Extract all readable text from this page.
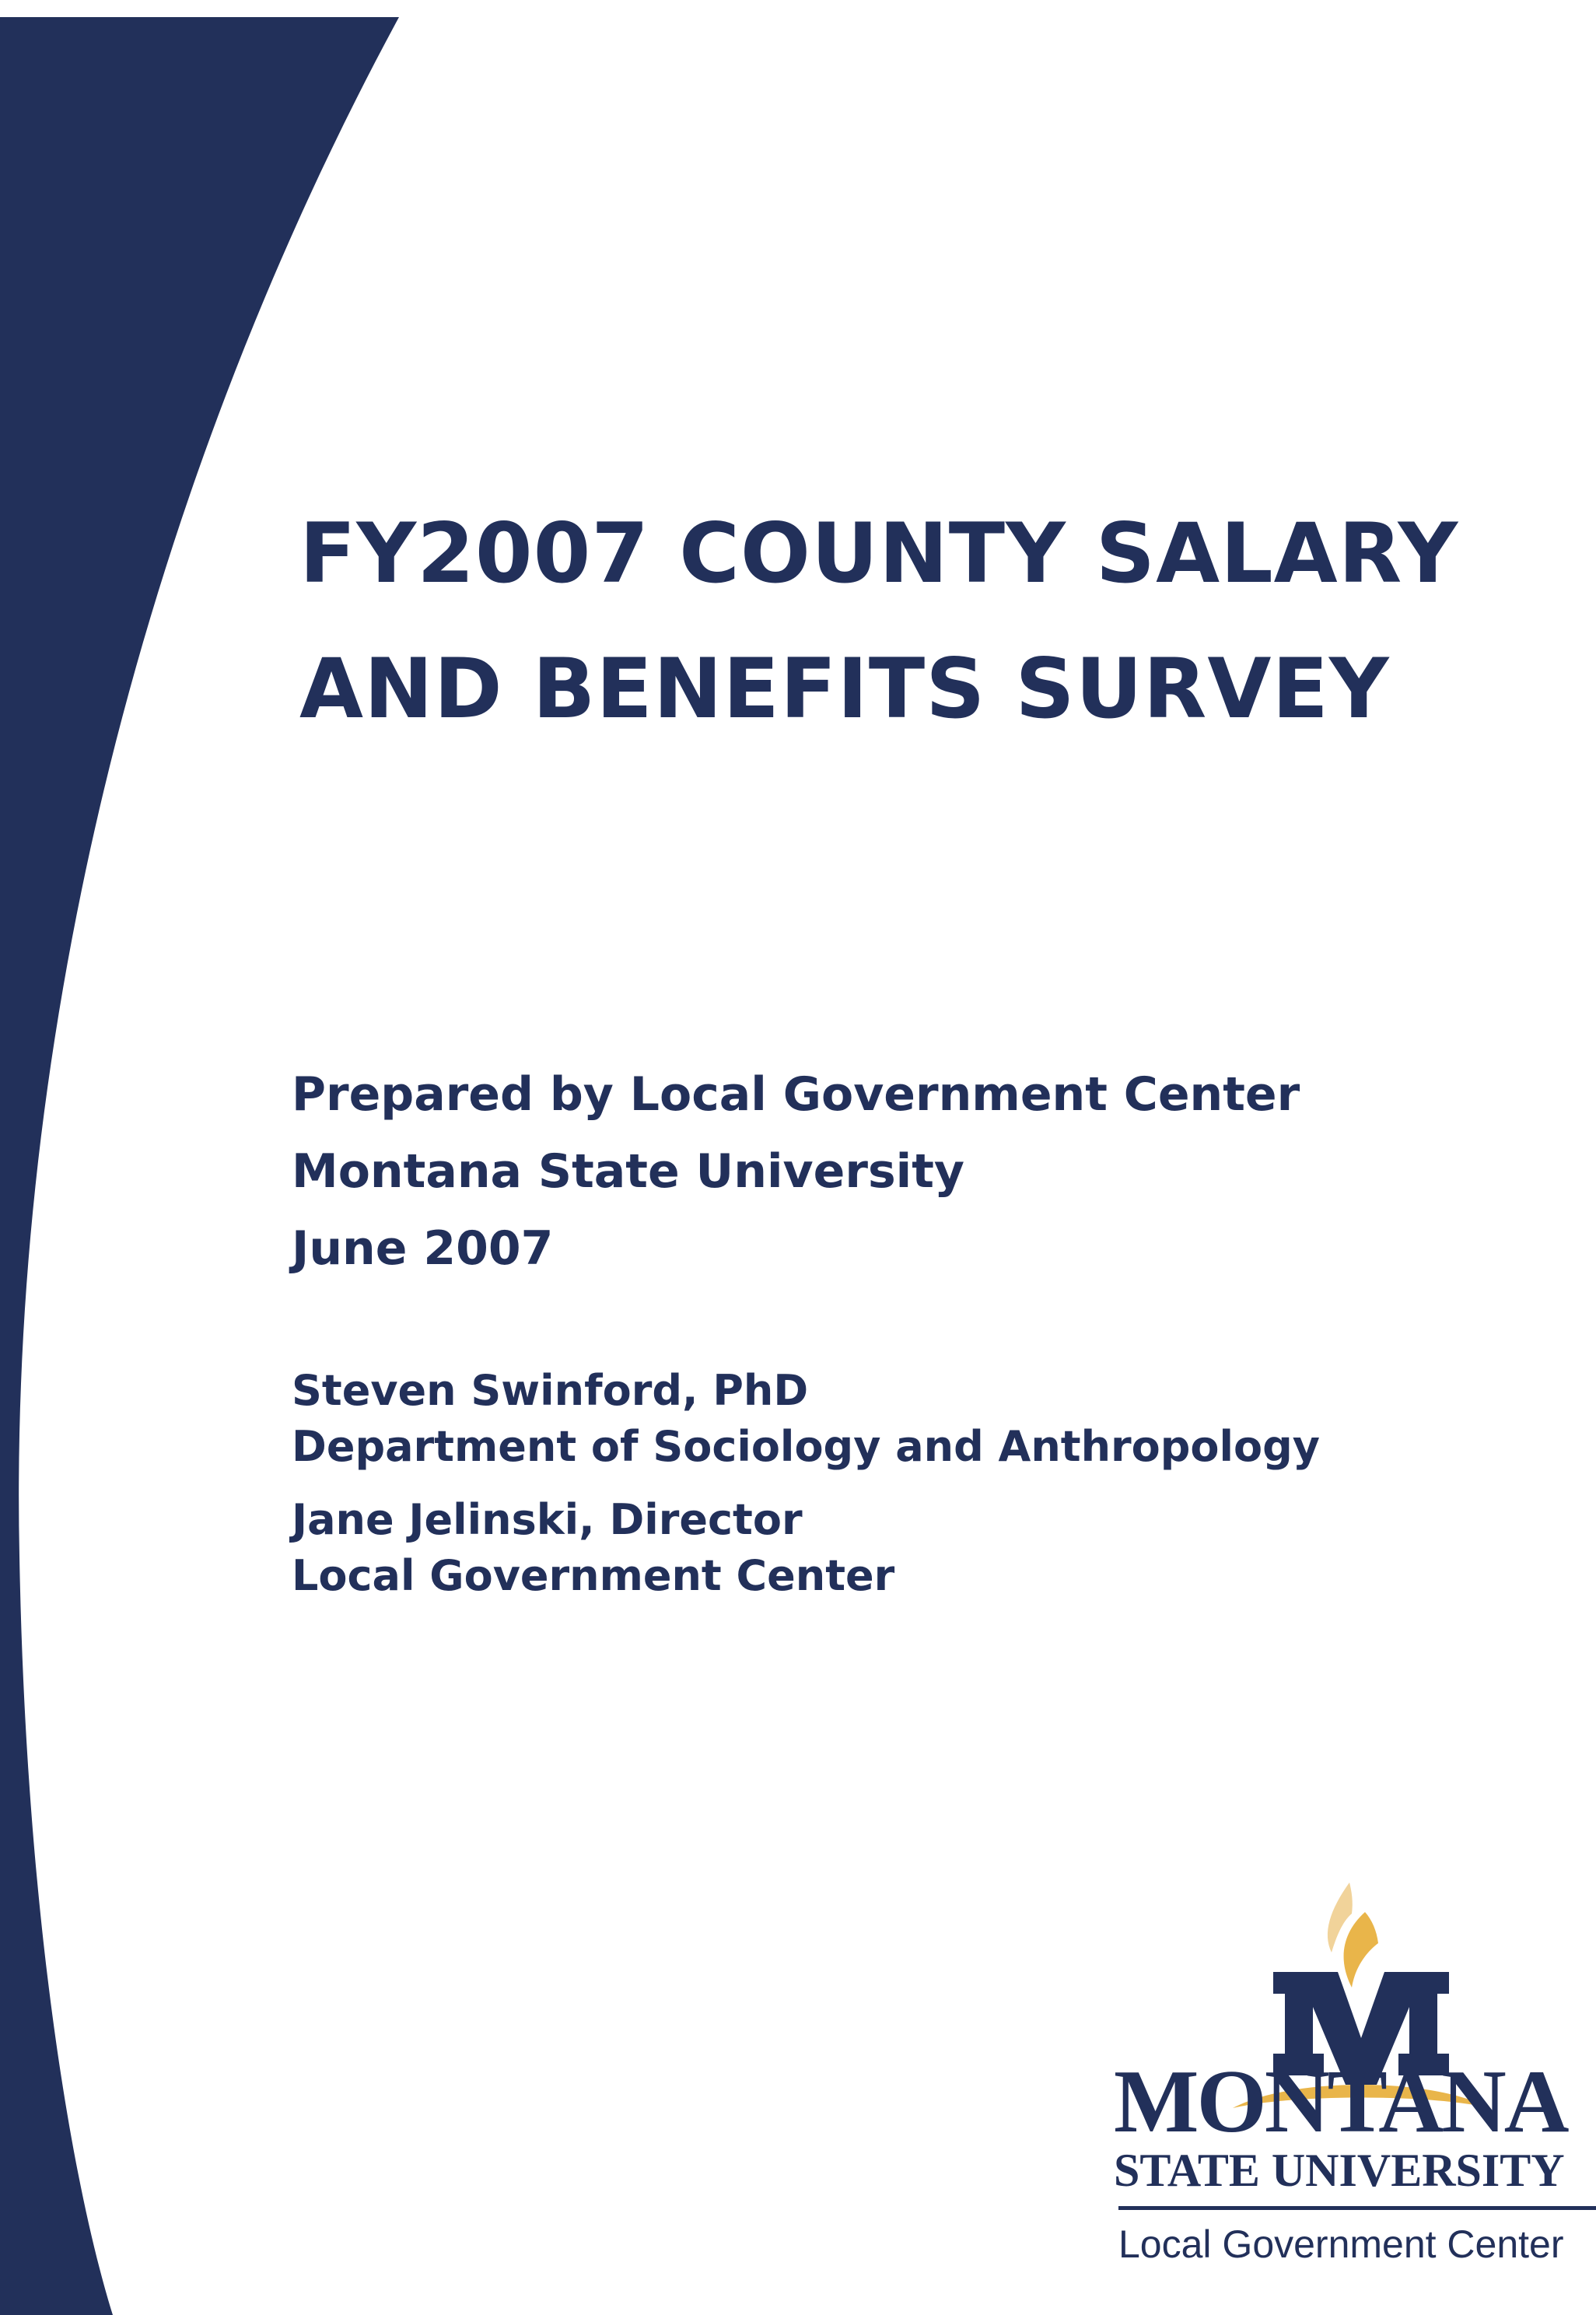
FY2007 COUNTY SALARY
AND BENEFITS SURVEY
Prepared by Local Government Center
Montana State University
June 2007
Steven Swinford, PhD
Department of Sociology and Anthropology
Jane Jelinski, Director
Local Government Center
MONTANA
STATE UNIVERSITY
Local Government Center
